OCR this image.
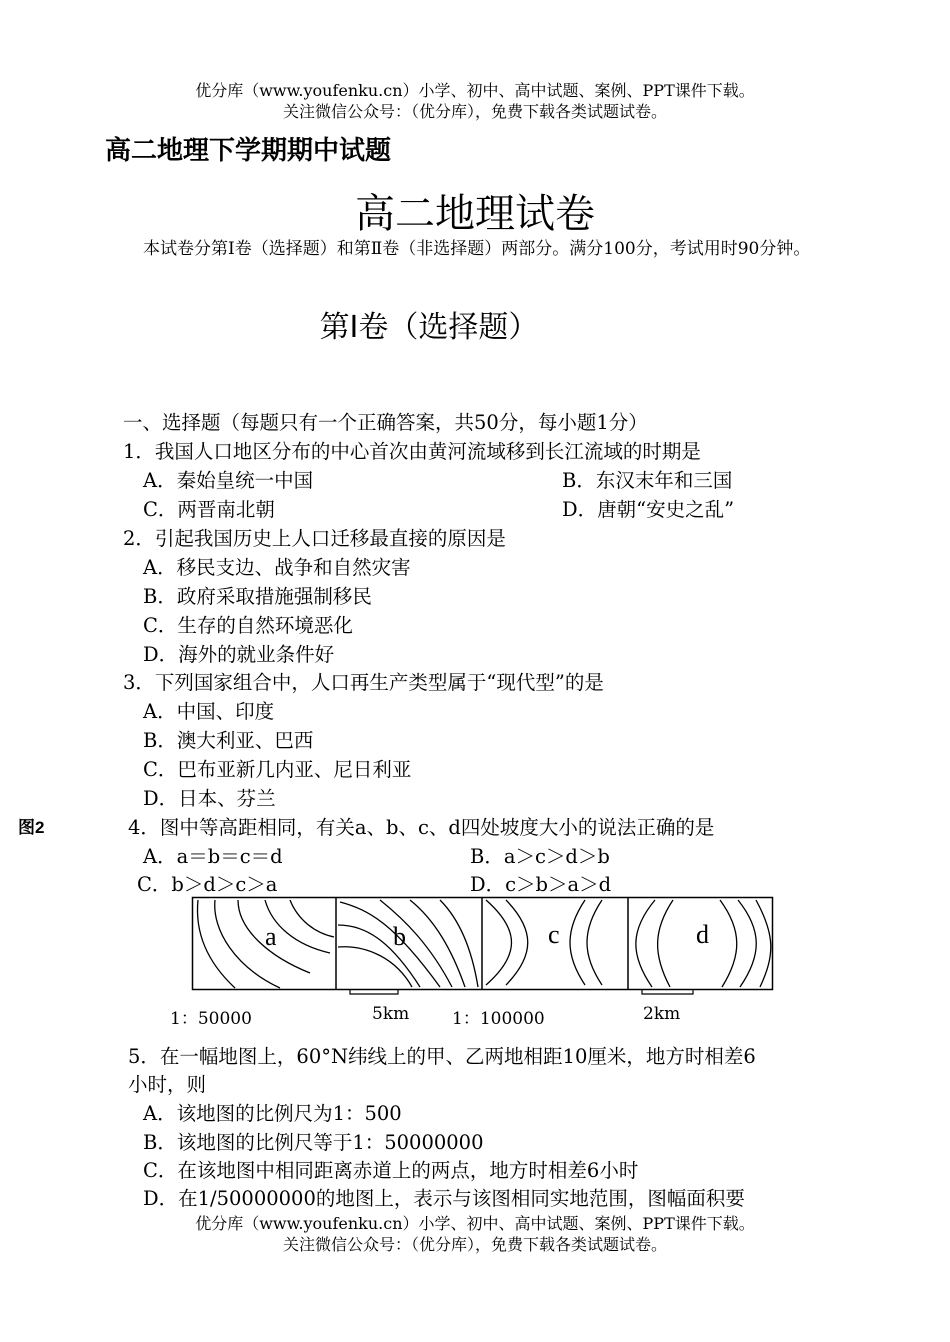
优分库（www.youfenku.cn）小学、初中、高中试题、案例、PPT课件下载。
关注微信公众号：（优分库），免费下载各类试题试卷。
高二地理下学期期中试题
高二地理试卷
本试卷分第Ⅰ卷（选择题）和第Ⅱ卷（非选择题）两部分。满分100分，考试用时90分钟。
第Ⅰ卷（选择题）
一、选择题（每题只有一个正确答案，共50分，每小题1分）
1．我国人口地区分布的中心首次由黄河流域移到长江流域的时期是
A．秦始皇统一中国	B．东汉末年和三国
C．两晋南北朝	D．唐朝“安史之乱”
2．引起我国历史上人口迁移最直接的原因是
A．移民支边、战争和自然灾害
B．政府采取措施强制移民
C．生存的自然环境恶化
D．海外的就业条件好
3．下列国家组合中，人口再生产类型属于“现代型”的是
A．中国、印度
B．澳大利亚、巴西
C．巴布亚新几内亚、尼日利亚
D．日本、芬兰
图2	4．图中等高距相同，有关a、b、c、d四处坡度大小的说法正确的是
A．a＝b＝c＝d	B．a＞c＞d＞b
C．b＞d＞c＞a	D．c＞b＞a＞d
a	b	c	d
1：50000	5km	1：100000	2km
5．在一幅地图上，60°N纬线上的甲、乙两地相距10厘米，地方时相差6
小时，则
A．该地图的比例尺为1：500
B．该地图的比例尺等于1：50000000
C．在该地图中相同距离赤道上的两点，地方时相差6小时
D．在1/50000000的地图上，表示与该图相同实地范围，图幅面积要
优分库（www.youfenku.cn）小学、初中、高中试题、案例、PPT课件下载。
关注微信公众号：（优分库），免费下载各类试题试卷。
